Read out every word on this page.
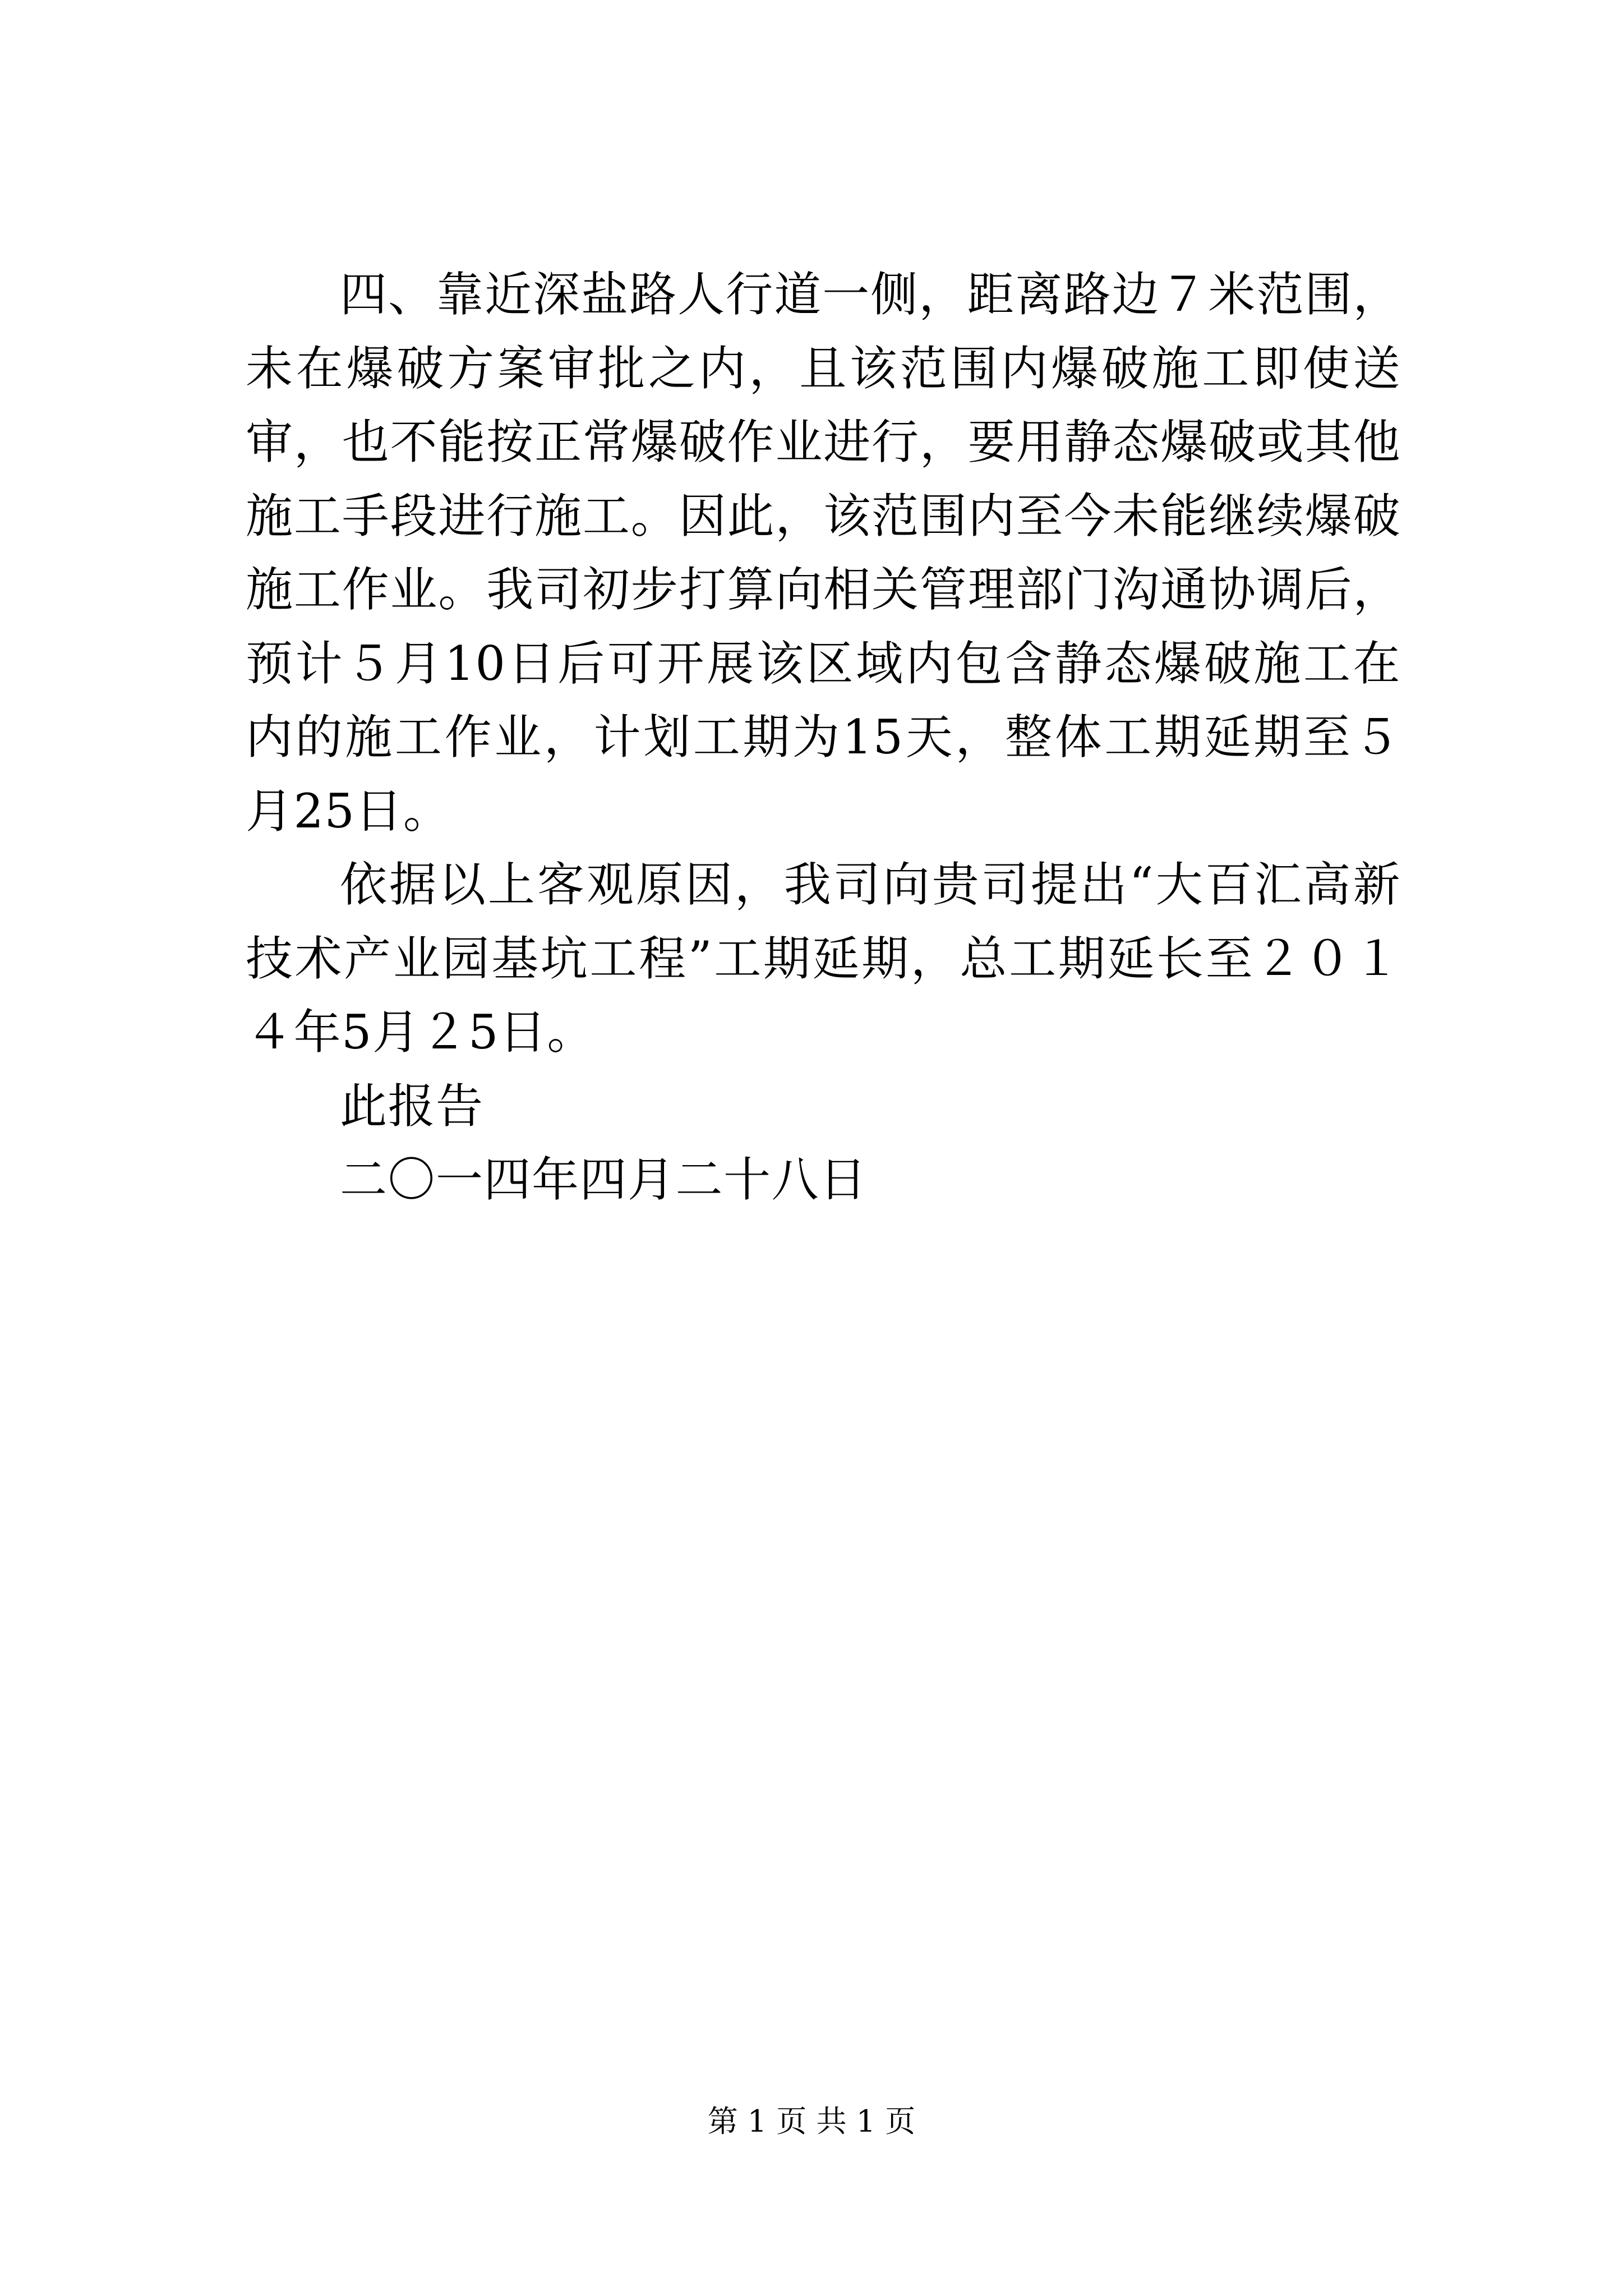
四、靠近深盐路人行道一侧，距离路边７米范围，未在爆破方案审批之内，且该范围内爆破施工即使送审，也不能按正常爆破作业进行，要用静态爆破或其他施工手段进行施工。因此，该范围内至今未能继续爆破施工作业。我司初步打算向相关管理部门沟通协调后，预计５月10日后可开展该区域内包含静态爆破施工在内的施工作业，计划工期为15天，整体工期延期至５月25日。

依据以上客观原因，我司向贵司提出“大百汇高新技术产业园基坑工程”工期延期，总工期延长至２０１４年5月２5日。

此报告

二〇一四年四月二十八日

第 1 页 共 1 页
